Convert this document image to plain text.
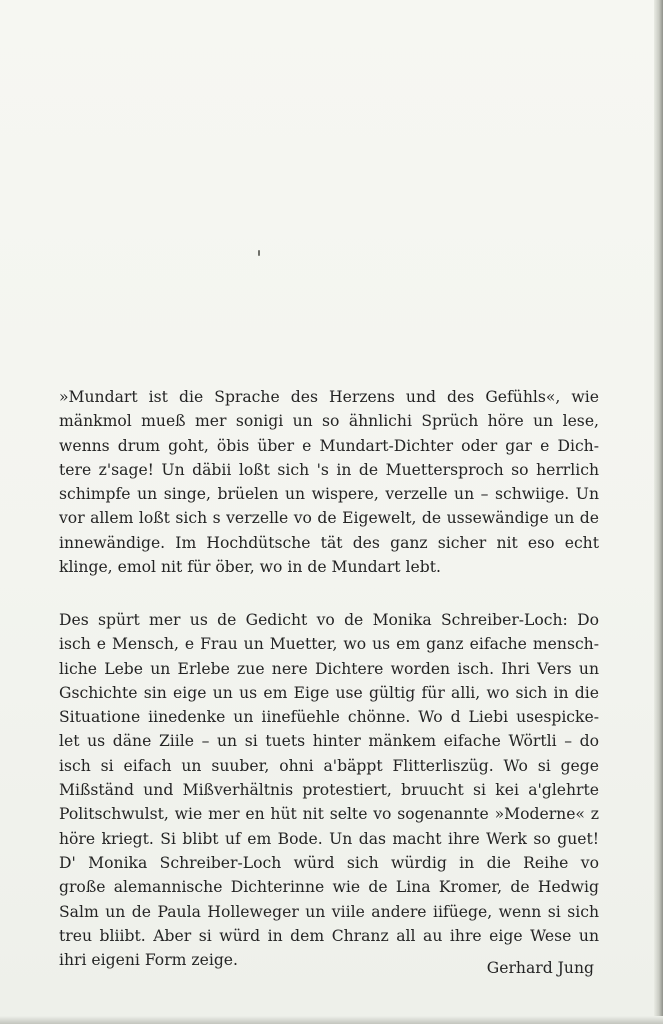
»Mundart ist die Sprache des Herzens und des Gefühls«, wie
mänkmol mueß mer sonigi un so ähnlichi Sprüch höre un lese,
wenns drum goht, öbis über e Mundart-Dichter oder gar e Dich-
tere z'sage! Un däbii loßt sich 's in de Muettersproch so herrlich
schimpfe un singe, brüelen un wispere, verzelle un – schwiige. Un
vor allem loßt sich s verzelle vo de Eigewelt, de ussewändige un de
innewändige. Im Hochdütsche tät des ganz sicher nit eso echt
klinge, emol nit für öber, wo in de Mundart lebt.
Des spürt mer us de Gedicht vo de Monika Schreiber-Loch: Do
isch e Mensch, e Frau un Muetter, wo us em ganz eifache mensch-
liche Lebe un Erlebe zue nere Dichtere worden isch. Ihri Vers un
Gschichte sin eige un us em Eige use gültig für alli, wo sich in die
Situatione iinedenke un iinefüehle chönne. Wo d Liebi usespicke-
let us däne Ziile – un si tuets hinter mänkem eifache Wörtli – do
isch si eifach un suuber, ohni a'bäppt Flitterliszüg. Wo si gege
Mißständ und Mißverhältnis protestiert, bruucht si kei a'glehrte
Politschwulst, wie mer en hüt nit selte vo sogenannte »Moderne« z
höre kriegt. Si blibt uf em Bode. Un das macht ihre Werk so guet!
D' Monika Schreiber-Loch würd sich würdig in die Reihe vo
große alemannische Dichterinne wie de Lina Kromer, de Hedwig
Salm un de Paula Holleweger un viile andere iifüege, wenn si sich
treu bliibt. Aber si würd in dem Chranz all au ihre eige Wese un
ihri eigeni Form zeige.	Gerhard Jung
